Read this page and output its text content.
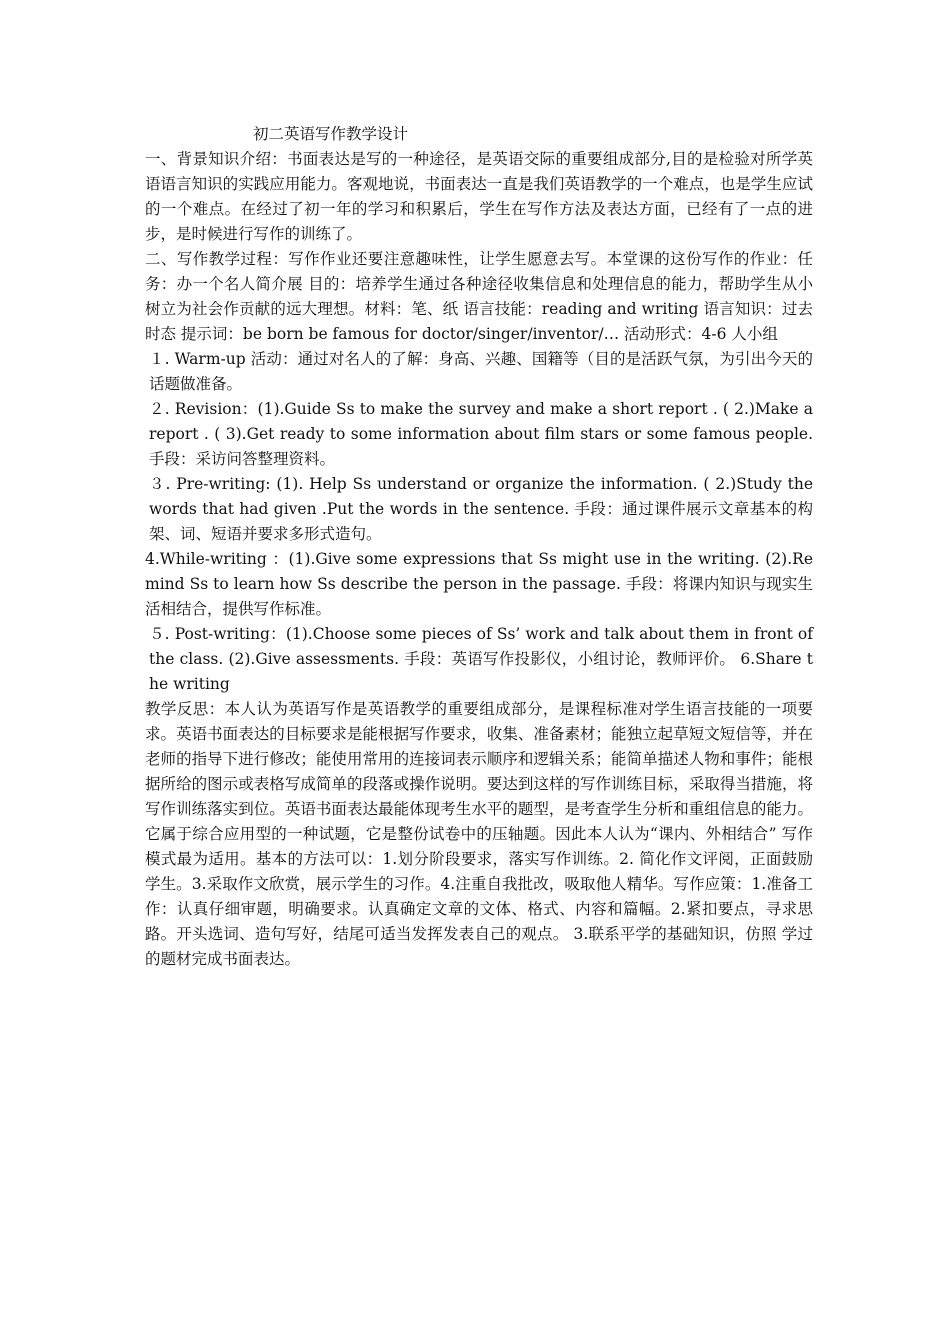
初二英语写作教学设计

一、背景知识介绍：书面表达是写的一种途径，是英语交际的重要组成部分,目的是检验对所学英语语言知识的实践应用能力。客观地说，书面表达一直是我们英语教学的一个难点，也是学生应试的一个难点。在经过了初一年的学习和积累后，学生在写作方法及表达方面，已经有了一点的进步，是时候进行写作的训练了。

二、写作教学过程：写作作业还要注意趣味性，让学生愿意去写。本堂课的这份写作的作业：任务：办一个名人简介展 目的：培养学生通过各种途径收集信息和处理信息的能力，帮助学生从小树立为社会作贡献的远大理想。材料：笔、纸 语言技能：reading and writing 语言知识：过去时态 提示词：be born be famous for doctor/singer/inventor/… 活动形式：4-6 人小组

１. Warm-up 活动：通过对名人的了解：身高、兴趣、国籍等（目的是活跃气氛，为引出今天的话题做准备。

２. Revision：(1).Guide Ss to make the survey and make a short report . ( 2.)Make a report . ( 3).Get ready to some information about film stars or some famous people. 手段：采访问答整理资料。

３. Pre-writing: (1). Help Ss understand or organize the information. ( 2.)Study the words that had given .Put the words in the sentence. 手段：通过课件展示文章基本的构架、词、短语并要求多形式造句。

4.While-writing ：(1).Give some expressions that Ss might use in the writing. (2).Remind Ss to learn how Ss describe the person in the passage. 手段：将课内知识与现实生活相结合，提供写作标准。

５. Post-writing：(1).Choose some pieces of Ss’ work and talk about them in front of the class. (2).Give assessments. 手段：英语写作投影仪，小组讨论，教师评价。 6.Share the writing

教学反思：本人认为英语写作是英语教学的重要组成部分，是课程标准对学生语言技能的一项要求。英语书面表达的目标要求是能根据写作要求，收集、准备素材；能独立起草短文短信等，并在老师的指导下进行修改；能使用常用的连接词表示顺序和逻辑关系；能简单描述人物和事件；能根据所给的图示或表格写成简单的段落或操作说明。要达到这样的写作训练目标，采取得当措施，将写作训练落实到位。英语书面表达最能体现考生水平的题型，是考查学生分析和重组信息的能力。它属于综合应用型的一种试题，它是整份试卷中的压轴题。因此本人认为“课内、外相结合” 写作模式最为适用。基本的方法可以：1.划分阶段要求，落实写作训练。2. 简化作文评阅，正面鼓励学生。3.采取作文欣赏，展示学生的习作。4.注重自我批改，吸取他人精华。写作应策：1.准备工作：认真仔细审题，明确要求。认真确定文章的文体、格式、内容和篇幅。2.紧扣要点，寻求思路。开头选词、造句写好，结尾可适当发挥发表自己的观点。 3.联系平学的基础知识，仿照 学过的题材完成书面表达。
